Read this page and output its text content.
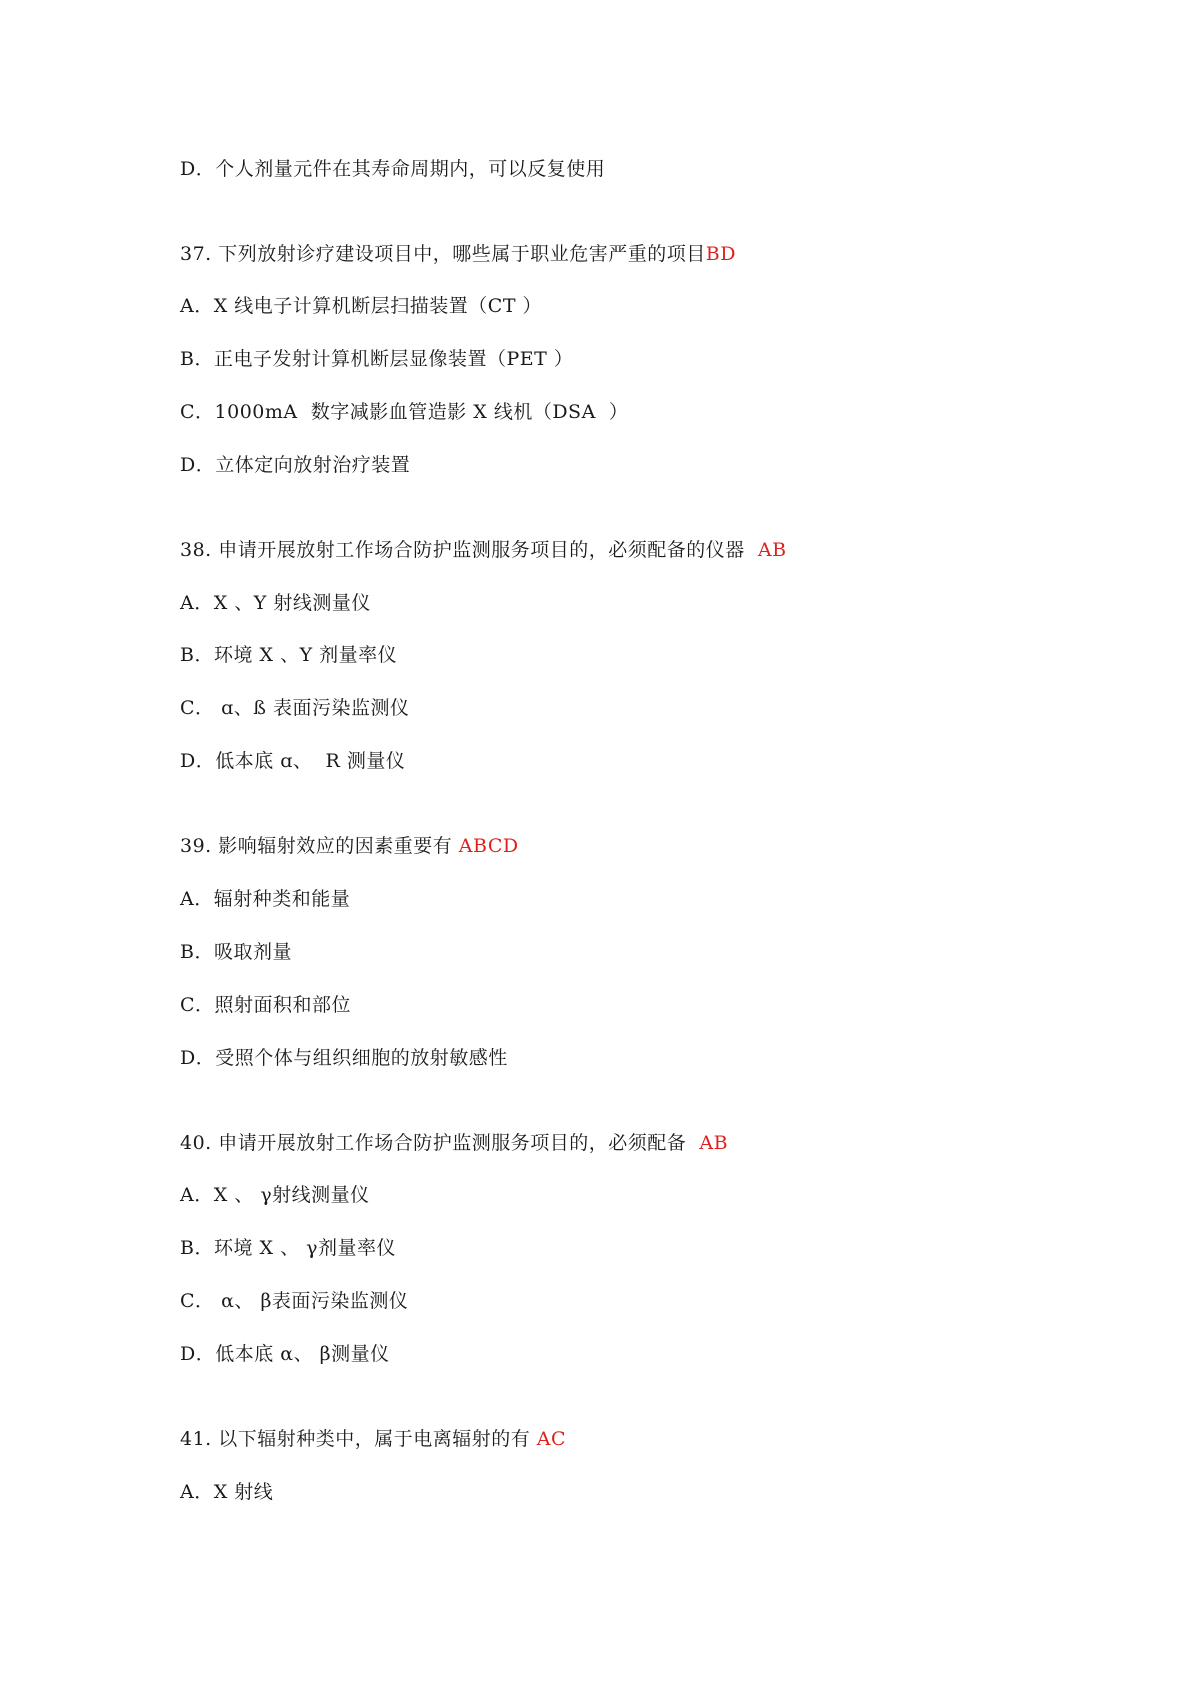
D．个人剂量元件在其寿命周期内，可以反复使用
37. 下列放射诊疗建设项目中，哪些属于职业危害严重的项目BD
A．X 线电子计算机断层扫描装置（CT ）
B．正电子发射计算机断层显像装置（PET ）
C．1000mA  数字减影血管造影 X 线机（DSA  ）
D．立体定向放射治疗装置
38. 申请开展放射工作场合防护监测服务项目的，必须配备的仪器  AB
A．X 、Y 射线测量仪
B．环境 X 、Y 剂量率仪
C． ɑ、ß 表面污染监测仪
D．低本底 ɑ、  R 测量仪
39. 影响辐射效应的因素重要有 ABCD
A．辐射种类和能量
B．吸取剂量
C．照射面积和部位
D．受照个体与组织细胞的放射敏感性
40. 申请开展放射工作场合防护监测服务项目的，必须配备  AB
A．X 、 γ射线测量仪
B．环境 X 、 γ剂量率仪
C． α、 β表面污染监测仪
D．低本底 α、 β测量仪
41. 以下辐射种类中，属于电离辐射的有 AC
A．X 射线
